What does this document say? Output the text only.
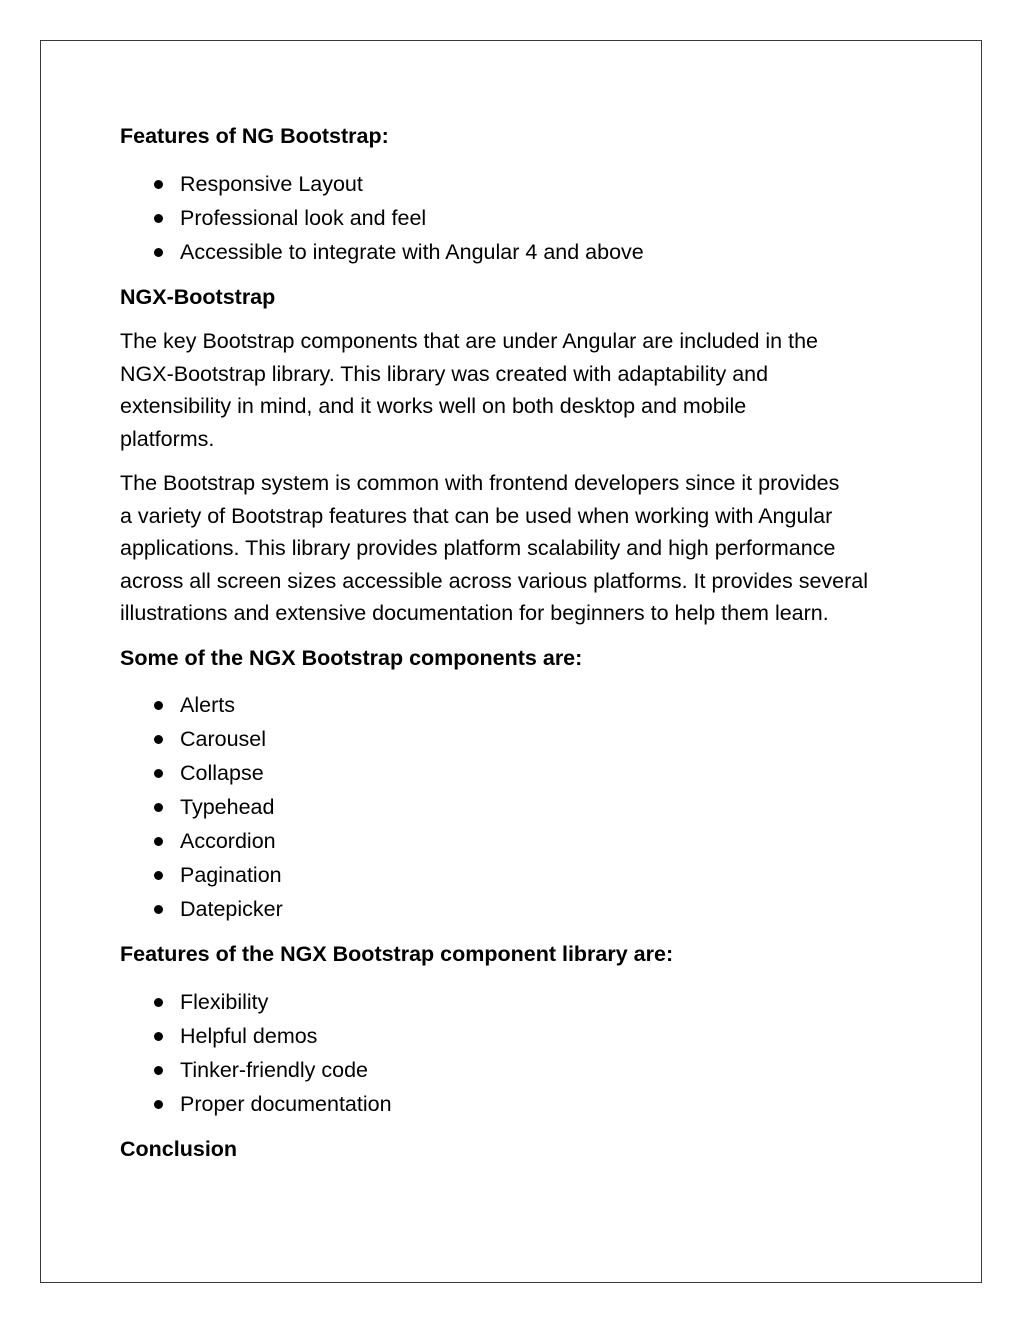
Features of NG Bootstrap:

Responsive Layout
Professional look and feel
Accessible to integrate with Angular 4 and above

NGX-Bootstrap

The key Bootstrap components that are under Angular are included in the
NGX-Bootstrap library. This library was created with adaptability and
extensibility in mind, and it works well on both desktop and mobile
platforms.

The Bootstrap system is common with frontend developers since it provides
a variety of Bootstrap features that can be used when working with Angular
applications. This library provides platform scalability and high performance
across all screen sizes accessible across various platforms. It provides several
illustrations and extensive documentation for beginners to help them learn.

Some of the NGX Bootstrap components are:

Alerts
Carousel
Collapse
Typehead
Accordion
Pagination
Datepicker

Features of the NGX Bootstrap component library are:

Flexibility
Helpful demos
Tinker-friendly code
Proper documentation

Conclusion
